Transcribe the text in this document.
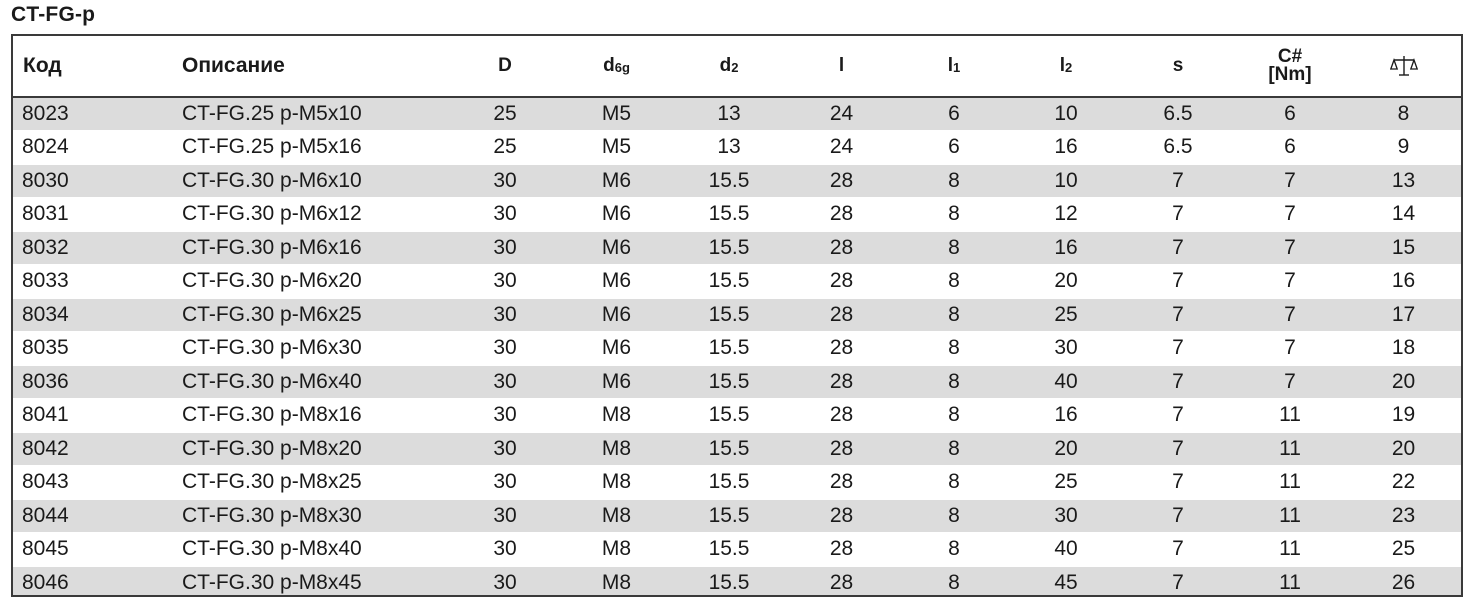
CT-FG-p
Код	Описание	D	d6g	d2	l	l1	l2	s	C#
[Nm]	
8023	CT-FG.25 p-M5x10	25	M5	13	24	6	10	6.5	6	8
8024	CT-FG.25 p-M5x16	25	M5	13	24	6	16	6.5	6	9
8030	CT-FG.30 p-M6x10	30	M6	15.5	28	8	10	7	7	13
8031	CT-FG.30 p-M6x12	30	M6	15.5	28	8	12	7	7	14
8032	CT-FG.30 p-M6x16	30	M6	15.5	28	8	16	7	7	15
8033	CT-FG.30 p-M6x20	30	M6	15.5	28	8	20	7	7	16
8034	CT-FG.30 p-M6x25	30	M6	15.5	28	8	25	7	7	17
8035	CT-FG.30 p-M6x30	30	M6	15.5	28	8	30	7	7	18
8036	CT-FG.30 p-M6x40	30	M6	15.5	28	8	40	7	7	20
8041	CT-FG.30 p-M8x16	30	M8	15.5	28	8	16	7	11	19
8042	CT-FG.30 p-M8x20	30	M8	15.5	28	8	20	7	11	20
8043	CT-FG.30 p-M8x25	30	M8	15.5	28	8	25	7	11	22
8044	CT-FG.30 p-M8x30	30	M8	15.5	28	8	30	7	11	23
8045	CT-FG.30 p-M8x40	30	M8	15.5	28	8	40	7	11	25
8046	CT-FG.30 p-M8x45	30	M8	15.5	28	8	45	7	11	26
